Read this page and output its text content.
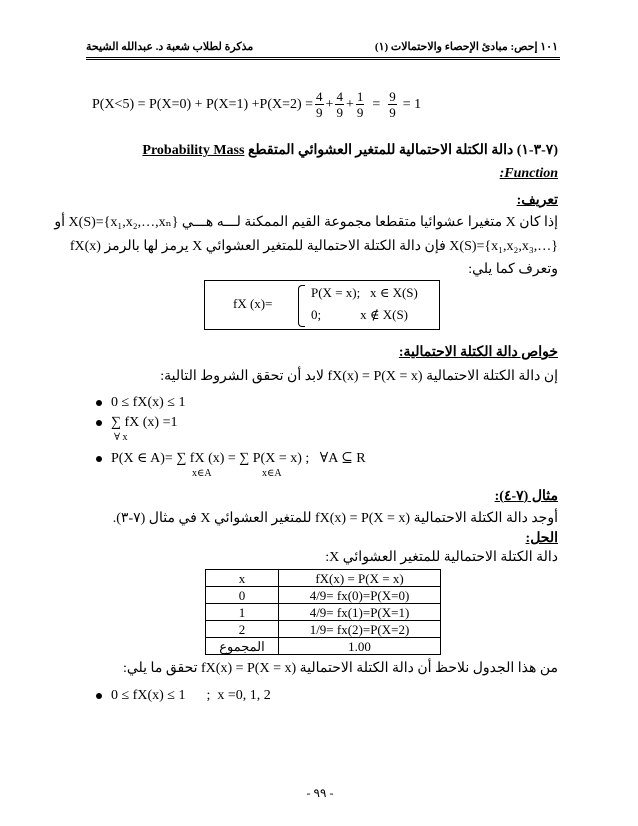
١٠١ إحص: مبادئ الإحصاء والاحتمالات (١)
مذكرة لطلاب شعبة د. عبدالله الشيحة
$P(X<5) = P(X=0) + P(X=1) +P(X=2) = \frac{4}{9} + \frac{4}{9} + \frac{1}{9} = \frac{9}{9} = 1$
(٧-٣-١) دالة الكتلة الاحتمالية للمتغير العشوائي المتقطع Probability Mass
:Function
تعريف:
إذا كان X متغيرا عشوائيا متقطعا مجموعة القيم الممكنة لـــه هـــي X(S)={x₁,x₂,…,xₙ} أو
X(S)={x₁,x₂,x₃,…} فإن دالة الكتلة الاحتمالية للمتغير العشوائي X يرمز لها بالرمز fX(x)
وتعرف كما يلي:
fX (x)=
P(X = x);   x ∈ X(S)
0;            x ∉ X(S)
خواص دالة الكتلة الاحتمالية:
إن دالة الكتلة الاحتمالية fX(x) = P(X = x) لابد أن تحقق الشروط التالية:
0 ≤ fX(x) ≤ 1
∑ fX (x) =1
∀ x
P(X ∈ A)= ∑ fX (x) = ∑ P(X = x) ;   ∀A ⊆ R
x∈A	x∈A
مثال (٧-٤):
أوجد دالة الكتلة الاحتمالية fX(x) = P(X = x) للمتغير العشوائي X في مثال (٧-٣).
الحل:
دالة الكتلة الاحتمالية للمتغير العشوائي X:
x	fX(x) = P(X = x)
0	4/9= fx(0)=P(X=0)
1	4/9= fx(1)=P(X=1)
2	1/9= fx(2)=P(X=2)
المجموع	1.00
من هذا الجدول نلاحظ أن دالة الكتلة الاحتمالية fX(x) = P(X = x) تحقق ما يلي:
0 ≤ fX(x) ≤ 1      ;  x =0, 1, 2
- ٩٩ -
